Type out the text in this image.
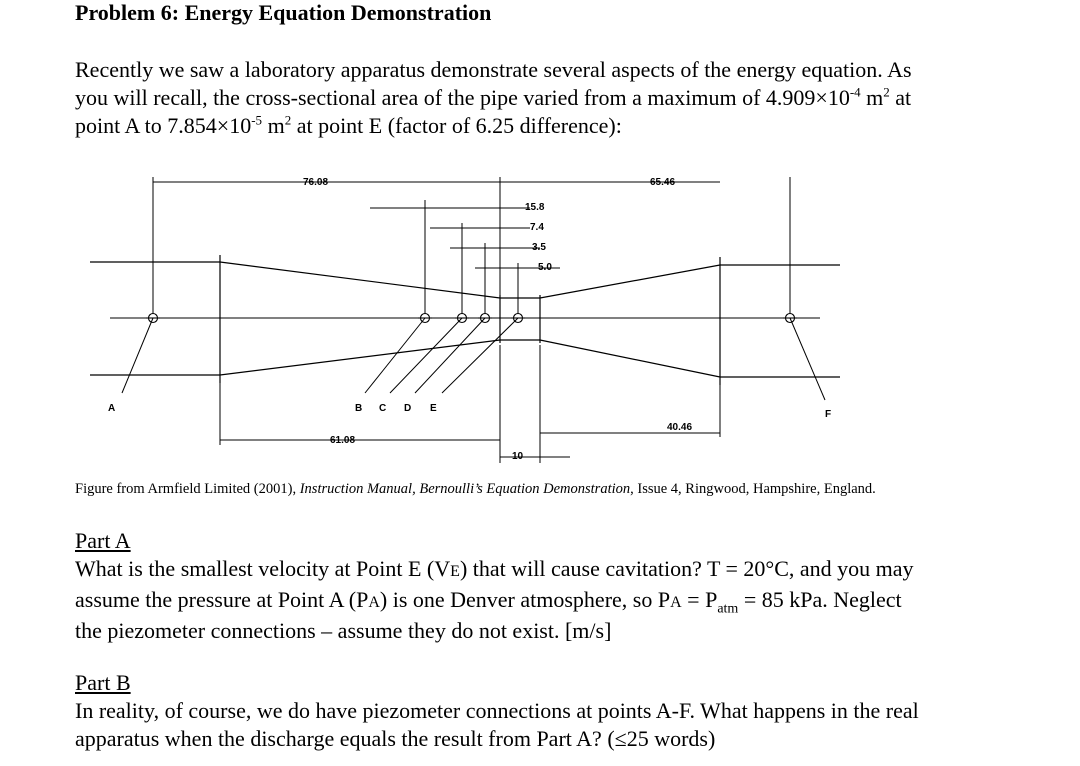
Problem 6: Energy Equation Demonstration
Recently we saw a laboratory apparatus demonstrate several aspects of the energy equation. As
you will recall, the cross-sectional area of the pipe varied from a maximum of $4.909\times 10^{-4}$ $m^2$ at
point A to $7.854\times 10^{-5}$ $m^2$ at point E (factor of 6.25 difference):
76.08	65.46
15.8
7.4
3.5
5.0
40.46
61.08
10
A	B C D E
F
Figure from Armfield Limited (2001), Instruction Manual, Bernoulli’s Equation Demonstration, Issue 4, Ringwood, Hampshire, England.
Part A
What is the smallest velocity at Point E (VE) that will cause cavitation? T = 20°C, and you may
assume the pressure at Point A (PA) is one Denver atmosphere, so PA = $P_{atm} = 85$ kPa. Neglect
the piezometer connections – assume they do not exist. [m/s]
Part B
In reality, of course, we do have piezometer connections at points A-F. What happens in the real
apparatus when the discharge equals the result from Part A? (≤25 words)
